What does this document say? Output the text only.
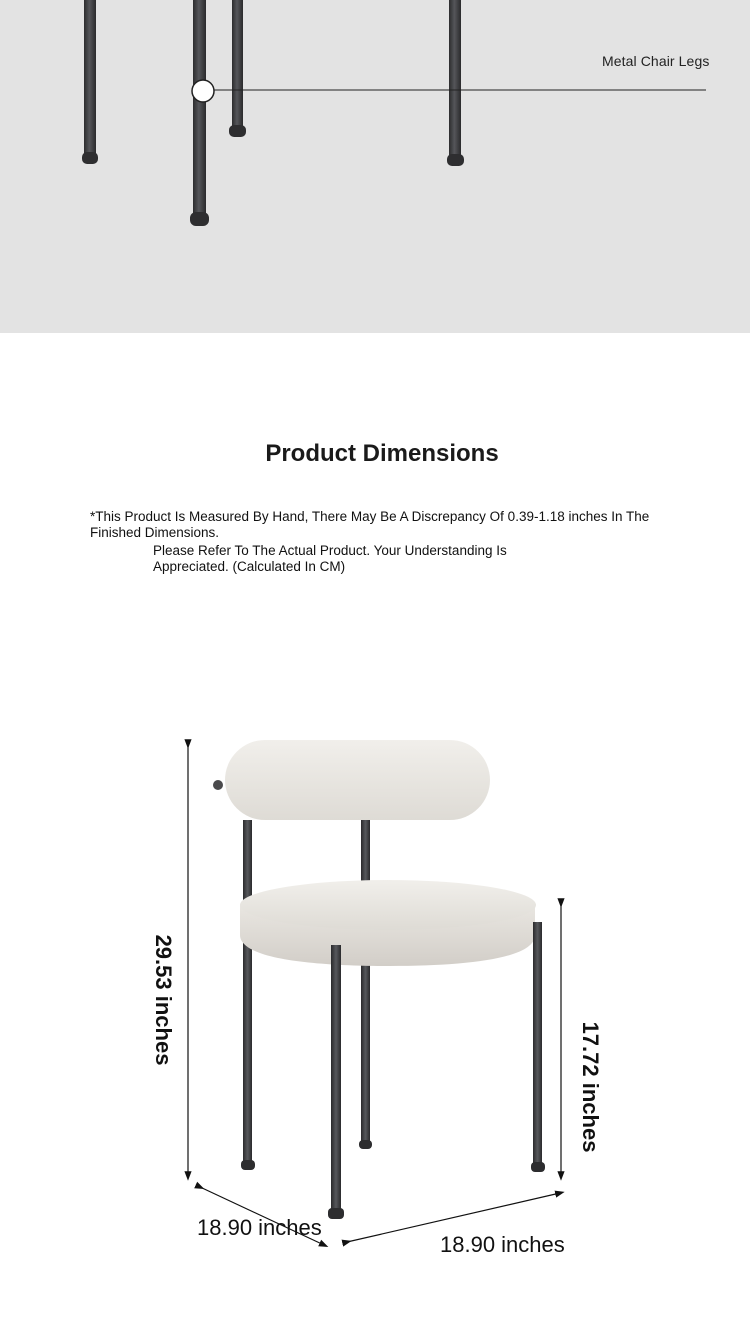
Metal Chair Legs
Product Dimensions
*This Product Is Measured By Hand, There May Be A Discrepancy Of 0.39-1.18 inches In The Finished Dimensions.
Please Refer To The Actual Product. Your Understanding Is Appreciated. (Calculated In CM)
29.53 inches
17.72 inches
18.90 inches
18.90 inches
